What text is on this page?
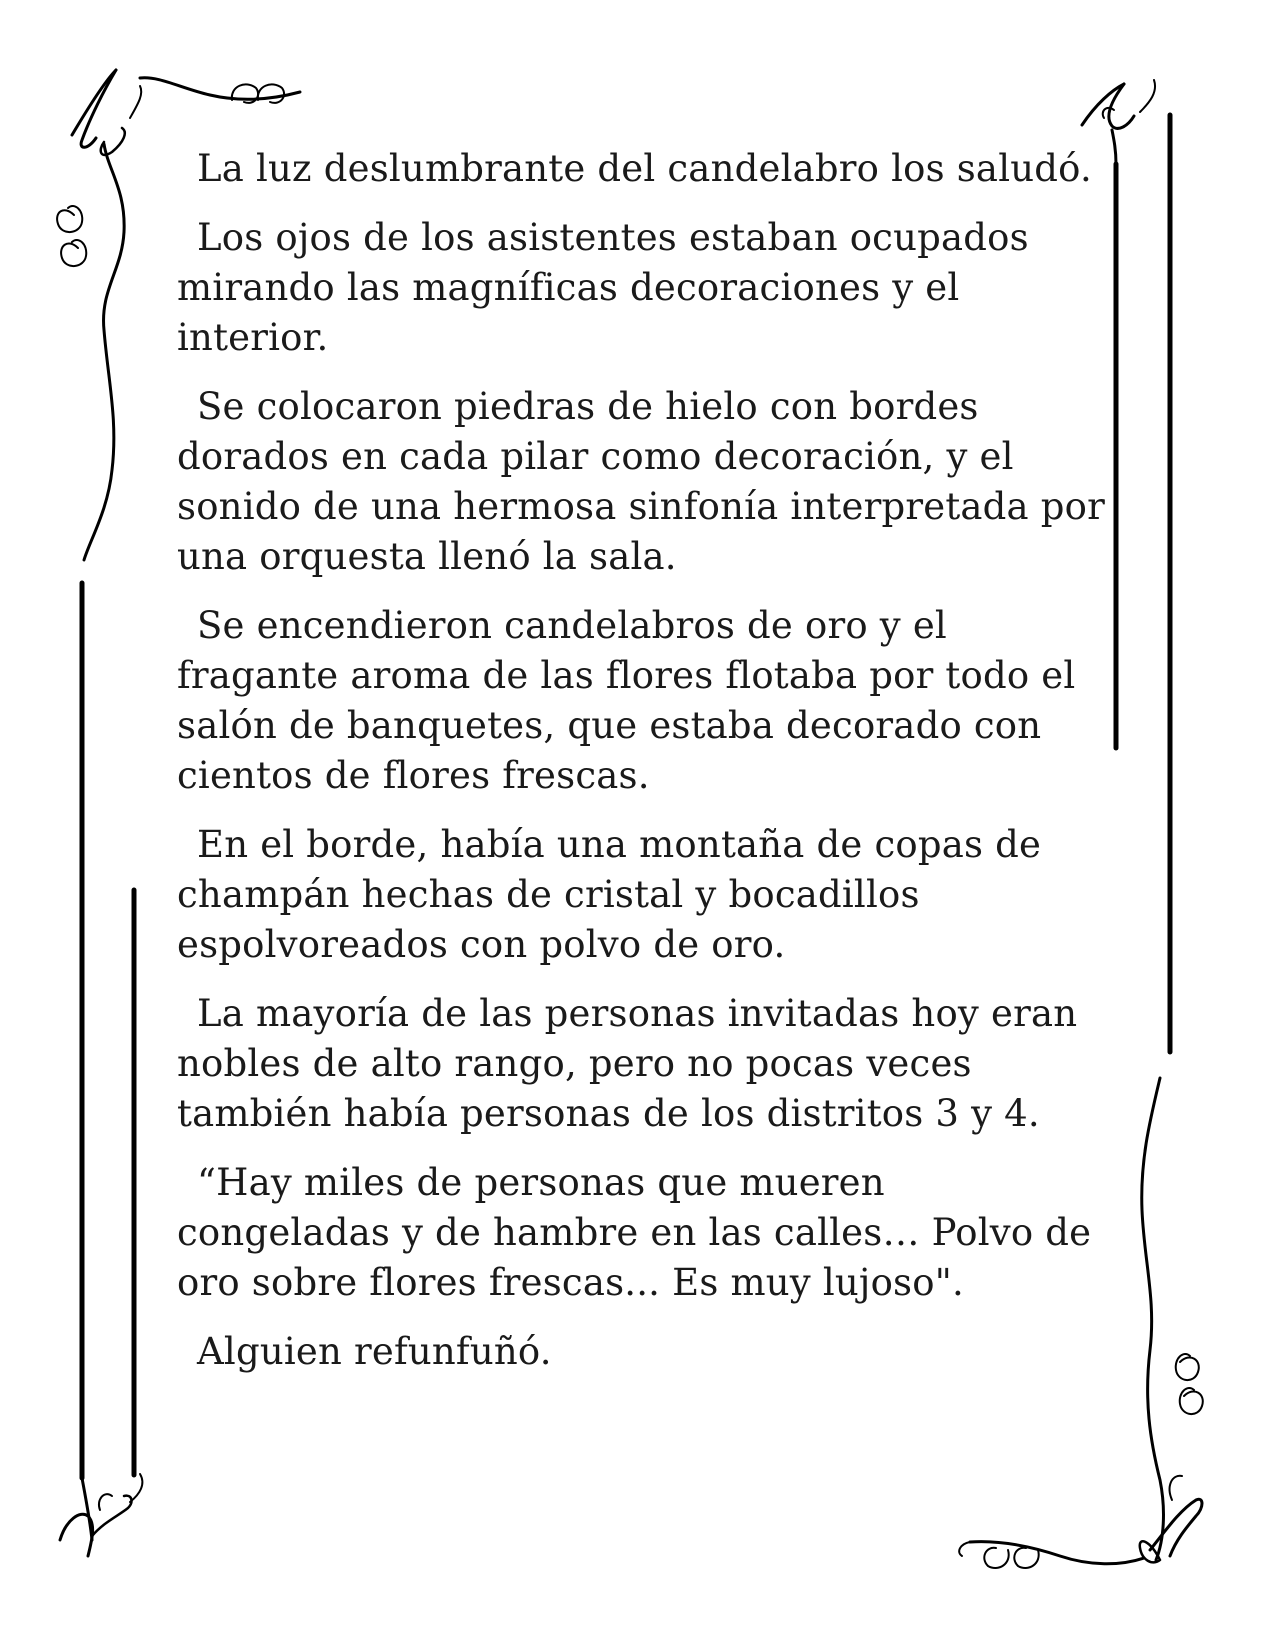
La luz deslumbrante del candelabro los saludó.

Los ojos de los asistentes estaban ocupados mirando las magníficas decoraciones y el interior.

Se colocaron piedras de hielo con bordes dorados en cada pilar como decoración, y el sonido de una hermosa sinfonía interpretada por una orquesta llenó la sala.

Se encendieron candelabros de oro y el fragante aroma de las flores flotaba por todo el salón de banquetes, que estaba decorado con cientos de flores frescas.

En el borde, había una montaña de copas de champán hechas de cristal y bocadillos espolvoreados con polvo de oro.

La mayoría de las personas invitadas hoy eran nobles de alto rango, pero no pocas veces también había personas de los distritos 3 y 4.

“Hay miles de personas que mueren congeladas y de hambre en las calles… Polvo de oro sobre flores frescas... Es muy lujoso".

Alguien refunfuñó.
